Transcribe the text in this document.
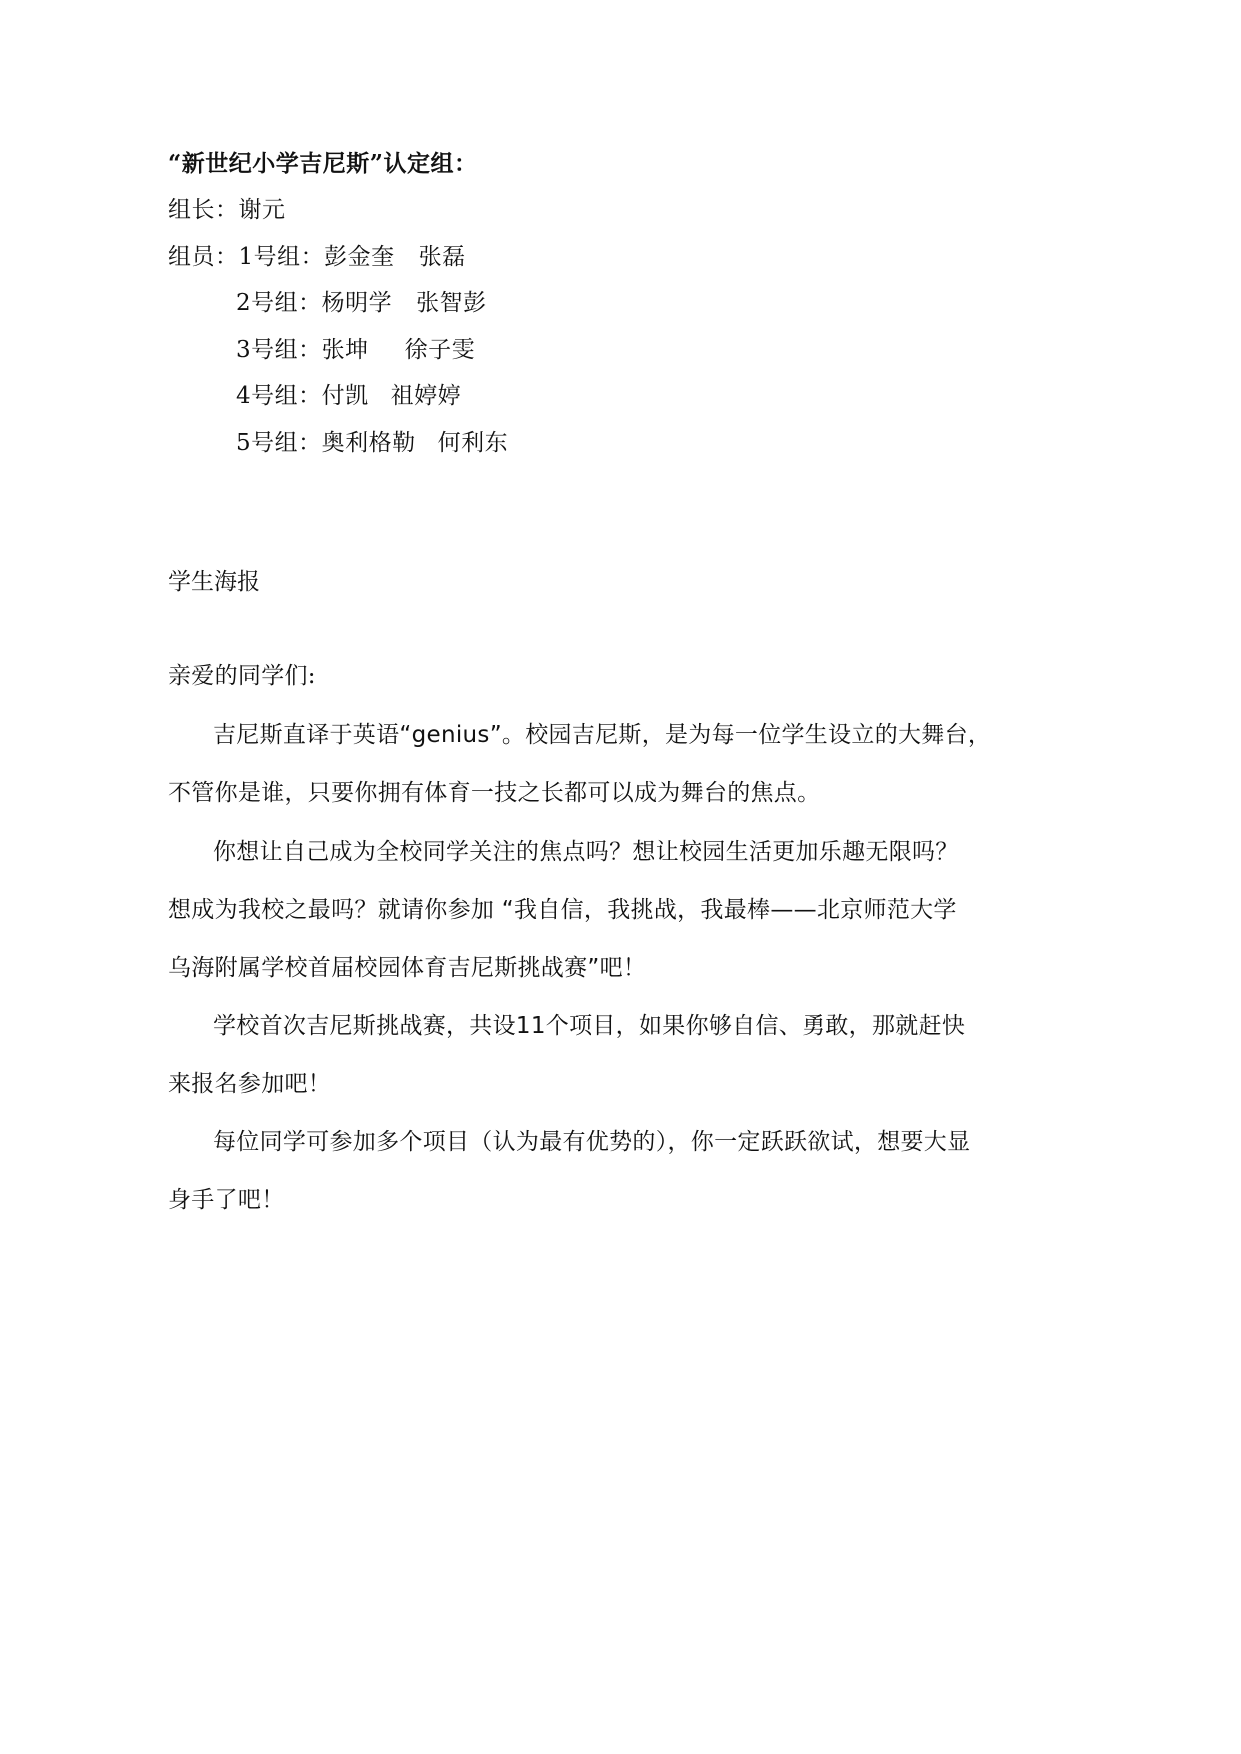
“新世纪小学吉尼斯”认定组：
组长：谢元
组员：1号组：彭金奎 张磊
2号组：杨明学 张智彭
3号组：张坤 徐子雯
4号组：付凯 祖婷婷
5号组：奥利格勒 何利东
学生海报
亲爱的同学们:
吉尼斯直译于英语“genius”。校园吉尼斯，是为每一位学生设立的大舞台，
不管你是谁，只要你拥有体育一技之长都可以成为舞台的焦点。
你想让自己成为全校同学关注的焦点吗？想让校园生活更加乐趣无限吗？
想成为我校之最吗？就请你参加 “我自信，我挑战，我最棒——北京师范大学
乌海附属学校首届校园体育吉尼斯挑战赛”吧！
学校首次吉尼斯挑战赛，共设11个项目，如果你够自信、勇敢，那就赶快
来报名参加吧！
每位同学可参加多个项目（认为最有优势的），你一定跃跃欲试，想要大显
身手了吧！
